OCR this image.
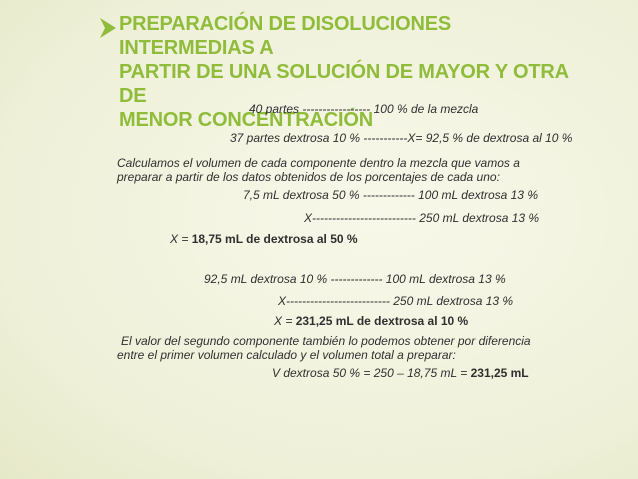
PREPARACIÓN DE DISOLUCIONES INTERMEDIAS A
PARTIR DE UNA SOLUCIÓN DE MAYOR Y OTRA DE
MENOR CONCENTRACIÓN
40 partes ----------------- 100 % de la mezcla
37 partes dextrosa 10 % -----------X= 92,5 % de dextrosa al 10 %
Calculamos el volumen de cada componente dentro la mezcla que vamos a
preparar a partir de los datos obtenidos de los porcentajes de cada uno:
7,5 mL dextrosa 50 % ------------- 100 mL dextrosa 13 %
X-------------------------- 250 mL dextrosa 13 %
X = 18,75 mL de dextrosa al 50 %
92,5 mL dextrosa 10 % ------------- 100 mL dextrosa 13 %
X-------------------------- 250 mL dextrosa 13 %
X = 231,25 mL de dextrosa al 10 %
El valor del segundo componente también lo podemos obtener por diferencia
entre el primer volumen calculado y el volumen total a preparar:
V dextrosa 50 % = 250 – 18,75 mL = 231,25 mL
